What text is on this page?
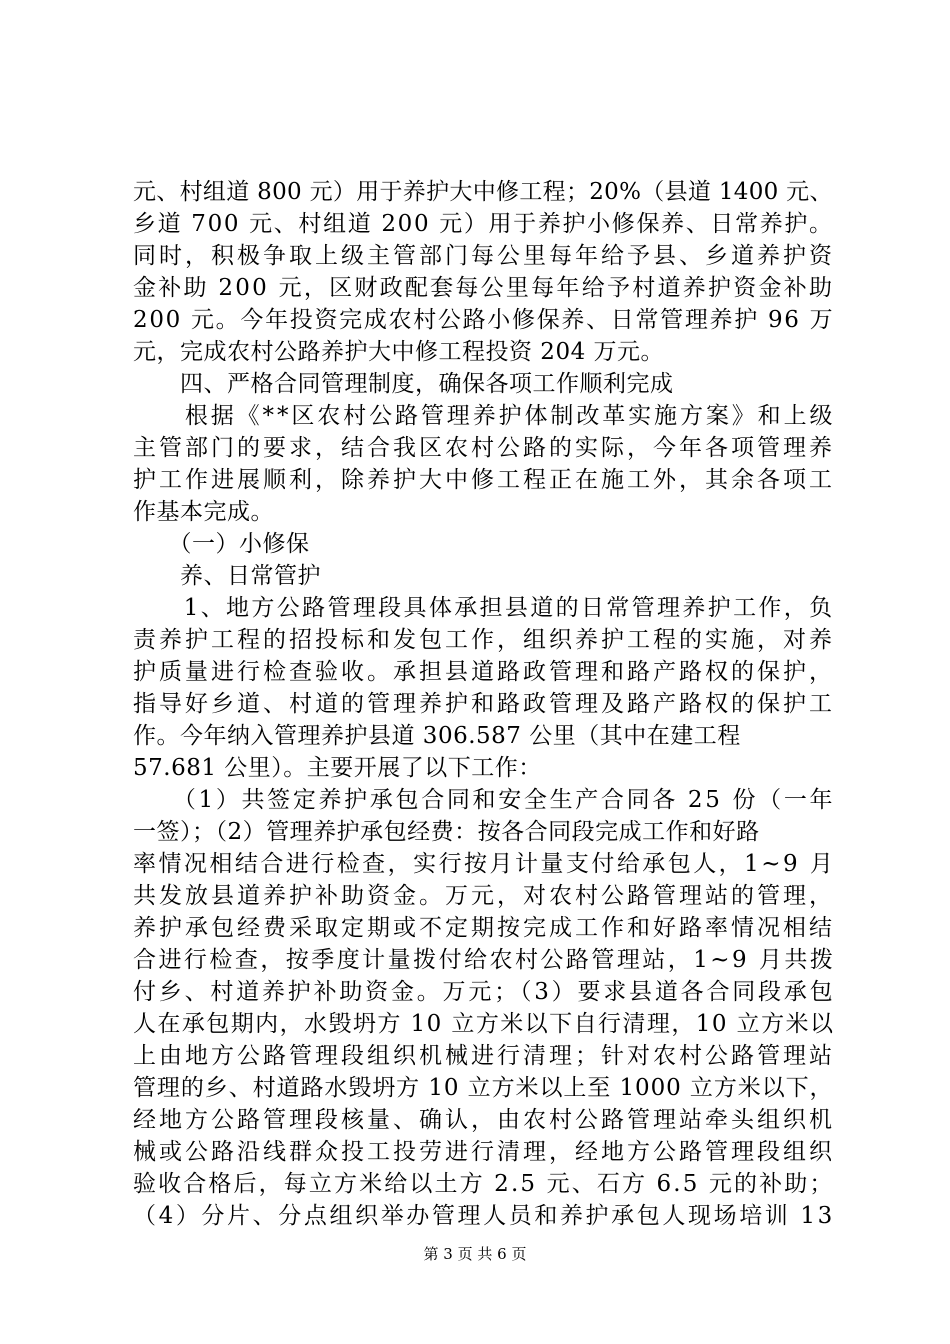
元、村组道 800 元）用于养护大中修工程；20%（县道 1400 元、
乡道 700 元、村组道 200 元）用于养护小修保养、日常养护。
同时，积极争取上级主管部门每公里每年给予县、乡道养护资
金补助 200 元，区财政配套每公里每年给予村道养护资金补助
200 元。今年投资完成农村公路小修保养、日常管理养护 96 万
元，完成农村公路养护大中修工程投资 204 万元。
　　四、严格合同管理制度，确保各项工作顺利完成
　　根据《**区农村公路管理养护体制改革实施方案》和上级
主管部门的要求，结合我区农村公路的实际，今年各项管理养
护工作进展顺利，除养护大中修工程正在施工外，其余各项工
作基本完成。
　　（一）小修保
　　养、日常管护
　　1、地方公路管理段具体承担县道的日常管理养护工作，负
责养护工程的招投标和发包工作，组织养护工程的实施，对养
护质量进行检查验收。承担县道路政管理和路产路权的保护，
指导好乡道、村道的管理养护和路政管理及路产路权的保护工
作。今年纳入管理养护县道 306.587 公里（其中在建工程
57.681 公里）。主要开展了以下工作：
　　（1）共签定养护承包合同和安全生产合同各 25 份（一年
一签）；（2）管理养护承包经费：按各合同段完成工作和好路
率情况相结合进行检查，实行按月计量支付给承包人，1~9 月
共发放县道养护补助资金。万元，对农村公路管理站的管理，
养护承包经费采取定期或不定期按完成工作和好路率情况相结
合进行检查，按季度计量拨付给农村公路管理站，1~9 月共拨
付乡、村道养护补助资金。万元；（3）要求县道各合同段承包
人在承包期内，水毁坍方 10 立方米以下自行清理，10 立方米以
上由地方公路管理段组织机械进行清理；针对农村公路管理站
管理的乡、村道路水毁坍方 10 立方米以上至 1000 立方米以下，
经地方公路管理段核量、确认，由农村公路管理站牵头组织机
械或公路沿线群众投工投劳进行清理，经地方公路管理段组织
验收合格后，每立方米给以土方 2.5 元、石方 6.5 元的补助；
（4）分片、分点组织举办管理人员和养护承包人现场培训 13
第 3 页 共 6 页
